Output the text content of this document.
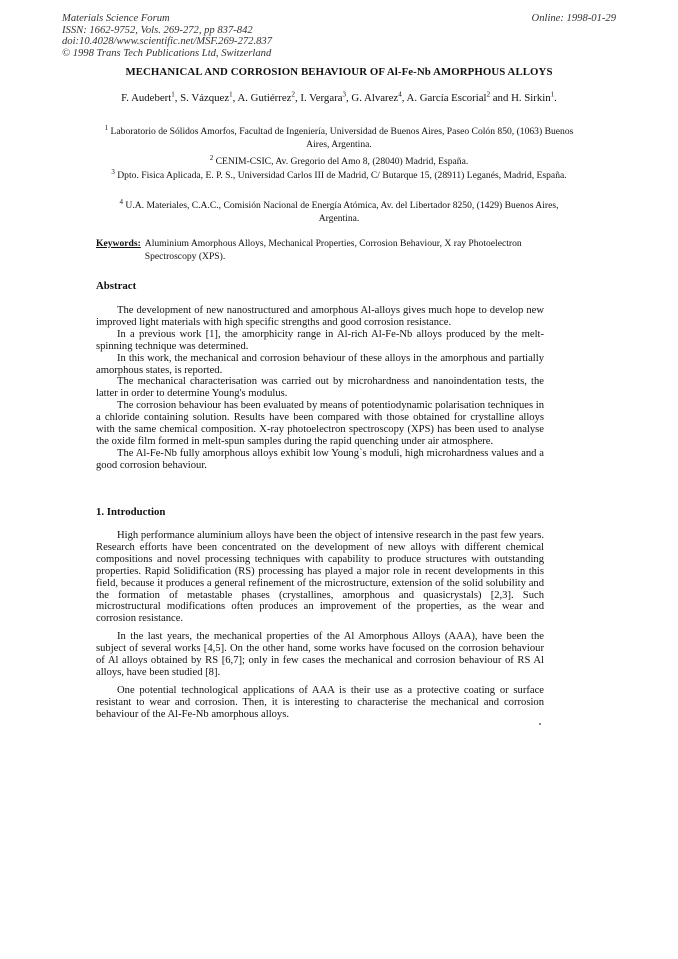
Materials Science Forum
ISSN: 1662-9752, Vols. 269-272, pp 837-842
doi:10.4028/www.scientific.net/MSF.269-272.837
© 1998 Trans Tech Publications Ltd, Switzerland
Online: 1998-01-29
MECHANICAL AND CORROSION BEHAVIOUR OF Al-Fe-Nb AMORPHOUS ALLOYS
F. Audebert$^1$, S. Vázquez$^1$, A. Gutiérrez$^2$, I. Vergara$^3$, G. Alvarez$^4$, A. García Escorial$^2$ and H. Sirkin$^1$.
$^1$ Laboratorio de Sólidos Amorfos, Facultad de Ingeniería, Universidad de Buenos Aires, Paseo Colón 850, (1063) Buenos Aires, Argentina.
$^2$ CENIM-CSIC, Av. Gregorio del Amo 8, (28040) Madrid, España.
$^3$ Dpto. Fisica Aplicada, E. P. S., Universidad Carlos III de Madrid, C/ Butarque 15, (28911) Leganés, Madrid, España.
$^4$ U.A. Materiales, C.A.C., Comisión Nacional de Energía Atómica, Av. del Libertador 8250, (1429) Buenos Aires, Argentina.
Keywords: Aluminium Amorphous Alloys, Mechanical Properties, Corrosion Behaviour, X ray Photoelectron Spectroscopy (XPS).
Abstract

The development of new nanostructured and amorphous Al-alloys gives much hope to develop new improved light materials with high specific strengths and good corrosion resistance.

In a previous work [1], the amorphicity range in Al-rich Al-Fe-Nb alloys produced by the melt-spinning technique was determined.

In this work, the mechanical and corrosion behaviour of these alloys in the amorphous and partially amorphous states, is reported.

The mechanical characterisation was carried out by microhardness and nanoindentation tests, the latter in order to determine Young's modulus.

The corrosion behaviour has been evaluated by means of potentiodynamic polarisation techniques in a chloride containing solution. Results have been compared with those obtained for crystalline alloys with the same chemical composition. X-ray photoelectron spectroscopy (XPS) has been used to analyse the oxide film formed in melt-spun samples during the rapid quenching under air atmosphere.

The Al-Fe-Nb fully amorphous alloys exhibit low Young`s moduli, high microhardness values and a good corrosion behaviour.

1. Introduction

High performance aluminium alloys have been the object of intensive research in the past few years. Research efforts have been concentrated on the development of new alloys with different chemical compositions and novel processing techniques with capability to produce structures with outstanding properties. Rapid Solidification (RS) processing has played a major role in recent developments in this field, because it produces a general refinement of the microstructure, extension of the solid solubility and the formation of metastable phases (crystallines, amorphous and quasicrystals) [2,3]. Such microstructural modifications often produces an improvement of the properties, as the wear and corrosion resistance.

In the last years, the mechanical properties of the Al Amorphous Alloys (AAA), have been the subject of several works [4,5]. On the other hand, some works have focused on the corrosion behaviour of Al alloys obtained by RS [6,7]; only in few cases the mechanical and corrosion behaviour of RS Al alloys, have been studied [8].

One potential technological applications of AAA is their use as a protective coating or surface resistant to wear and corrosion. Then, it is interesting to characterise the mechanical and corrosion behaviour of the Al-Fe-Nb amorphous alloys.
